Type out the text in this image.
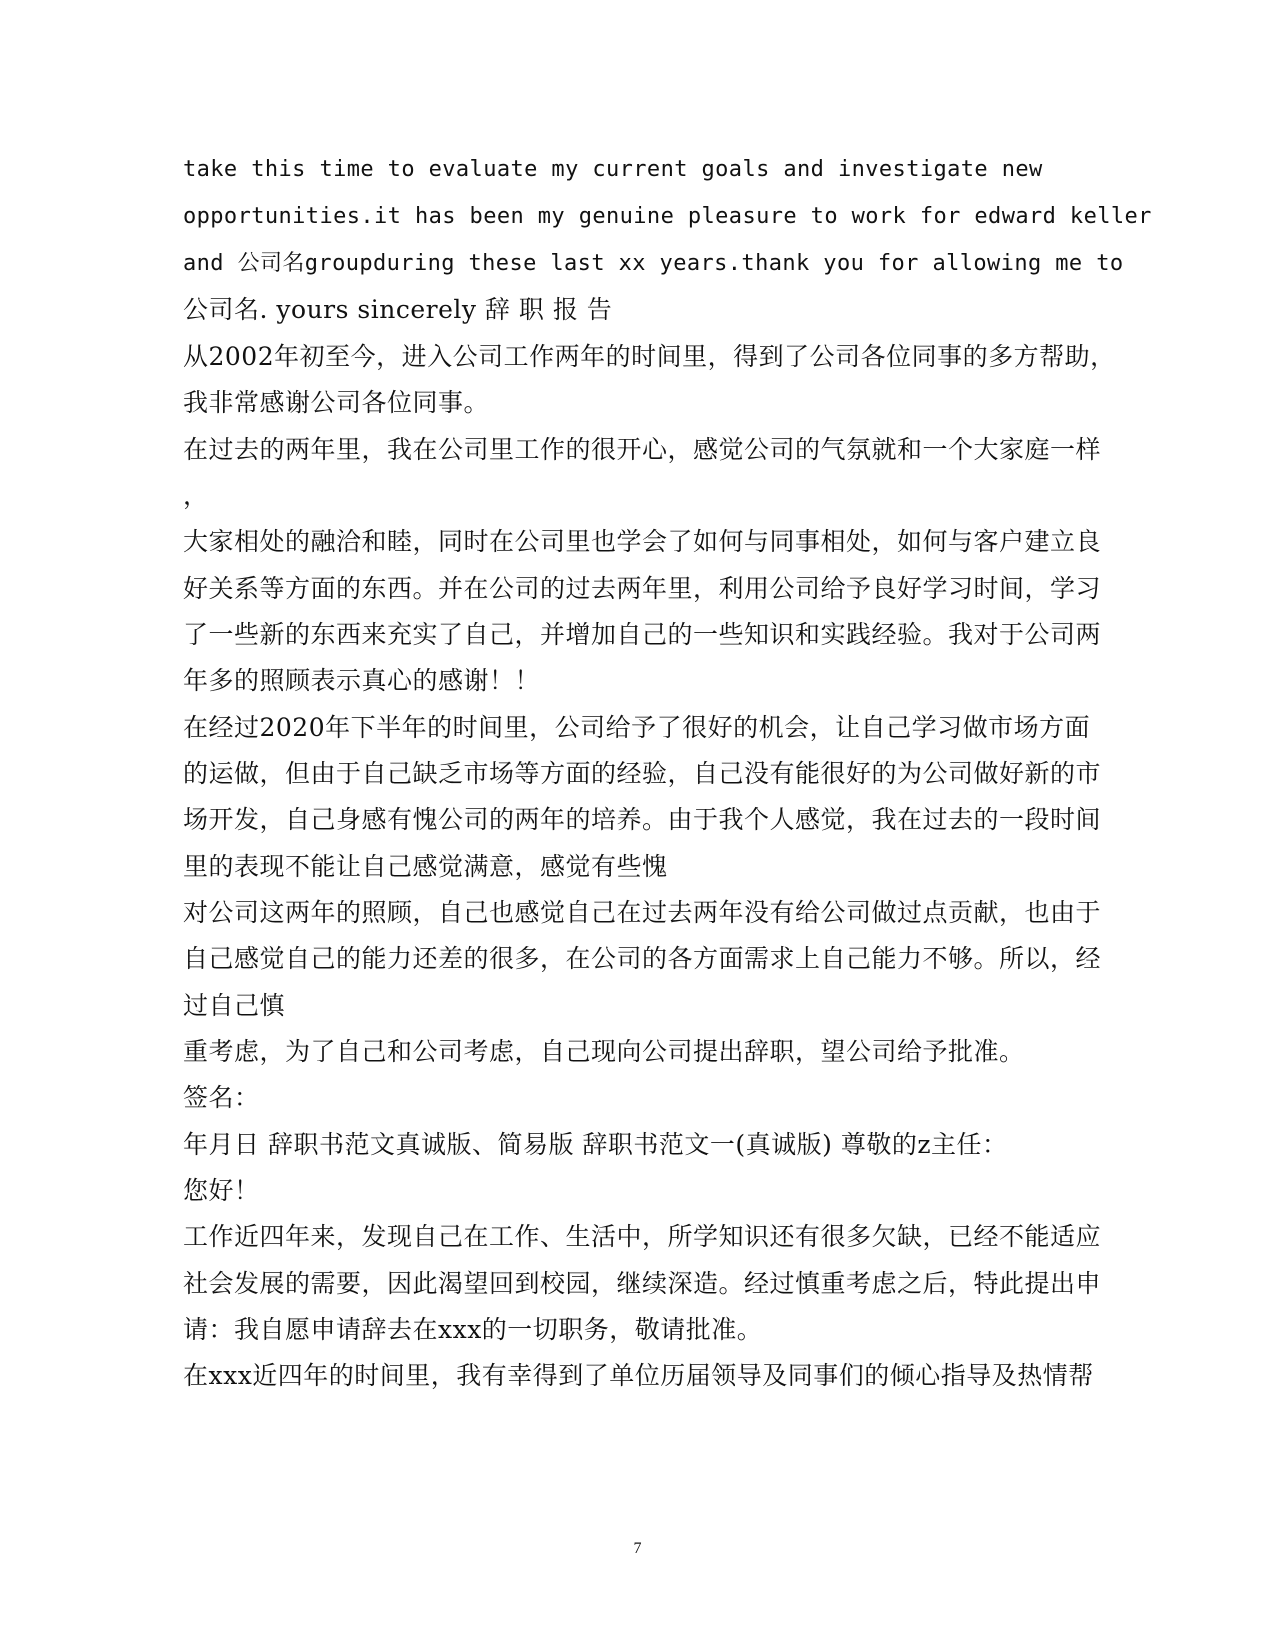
take this time to evaluate my current goals and investigate new
opportunities.it has been my genuine pleasure to work for edward keller
and 公司名groupduring these last xx years.thank you for allowing me to
公司名. yours sincerely 辞 职 报 告
从2002年初至今，进入公司工作两年的时间里，得到了公司各位同事的多方帮助，
我非常感谢公司各位同事。
在过去的两年里，我在公司里工作的很开心，感觉公司的气氛就和一个大家庭一样
，
大家相处的融洽和睦，同时在公司里也学会了如何与同事相处，如何与客户建立良
好关系等方面的东西。并在公司的过去两年里，利用公司给予良好学习时间，学习
了一些新的东西来充实了自己，并增加自己的一些知识和实践经验。我对于公司两
年多的照顾表示真心的感谢！！
在经过2020年下半年的时间里，公司给予了很好的机会，让自己学习做市场方面
的运做，但由于自己缺乏市场等方面的经验，自己没有能很好的为公司做好新的市
场开发，自己身感有愧公司的两年的培养。由于我个人感觉，我在过去的一段时间
里的表现不能让自己感觉满意，感觉有些愧
对公司这两年的照顾，自己也感觉自己在过去两年没有给公司做过点贡献，也由于
自己感觉自己的能力还差的很多，在公司的各方面需求上自己能力不够。所以，经
过自己慎
重考虑，为了自己和公司考虑，自己现向公司提出辞职，望公司给予批准。
签名：
年月日 辞职书范文真诚版、简易版 辞职书范文一(真诚版) 尊敬的z主任：
您好！
工作近四年来，发现自己在工作、生活中，所学知识还有很多欠缺，已经不能适应
社会发展的需要，因此渴望回到校园，继续深造。经过慎重考虑之后，特此提出申
请：我自愿申请辞去在xxx的一切职务，敬请批准。
在xxx近四年的时间里，我有幸得到了单位历届领导及同事们的倾心指导及热情帮
7
